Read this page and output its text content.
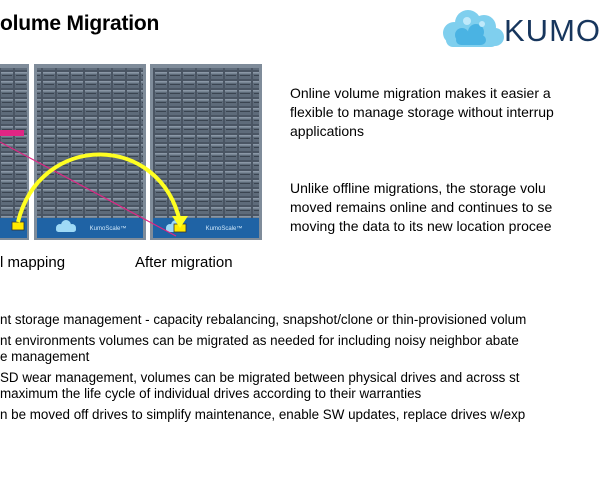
olume Migration	KUMO
KumoScale™	KumoScale™
l mapping	After migration
Online volume migration makes it easier a
flexible to manage storage without interrup
applications
Unlike offline migrations, the storage volu
moved remains online and continues to se
moving the data to its new location procee
nt storage management - capacity rebalancing, snapshot/clone or thin-provisioned volum
nt environments volumes can be migrated as needed for including noisy neighbor abate
e management
SD wear management, volumes can be migrated between physical drives and across st
maximum the life cycle of individual drives according to their warranties
n be moved off drives to simplify maintenance, enable SW updates, replace drives w/exp
